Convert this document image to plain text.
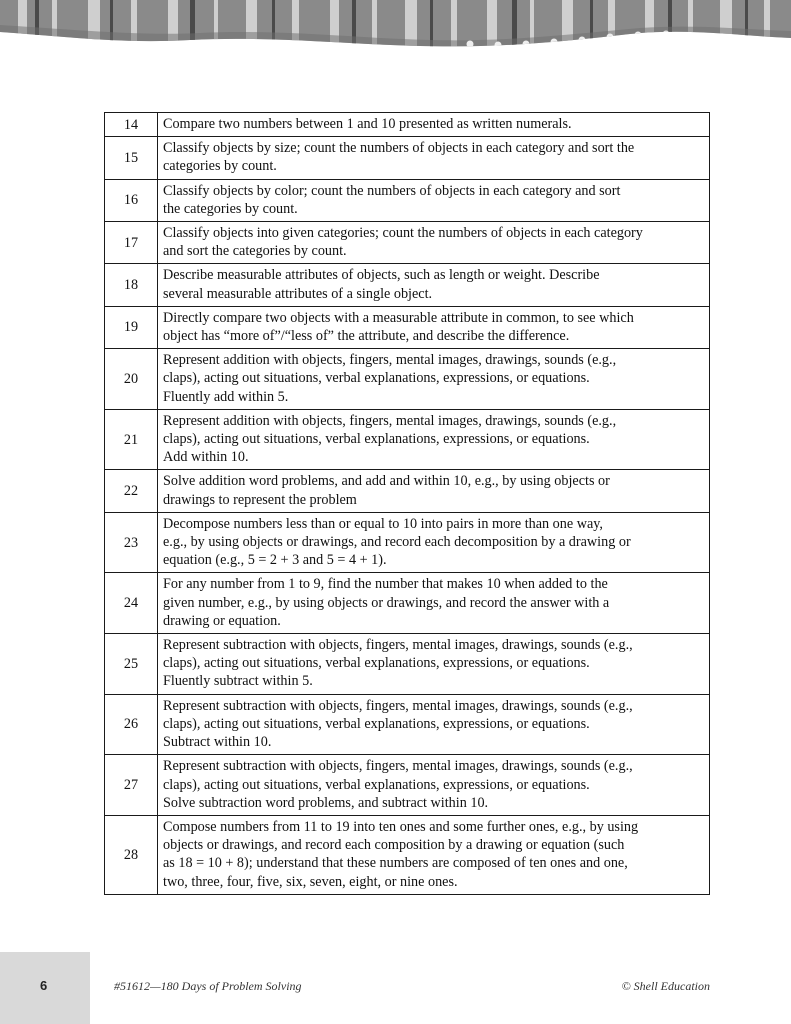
14	Compare two numbers between 1 and 10 presented as written numerals.

15	Classify objects by size; count the numbers of objects in each category and sort the
categories by count.

16	Classify objects by color; count the numbers of objects in each category and sort
the categories by count.

17	Classify objects into given categories; count the numbers of objects in each category
and sort the categories by count.

18	Describe measurable attributes of objects, such as length or weight. Describe
several measurable attributes of a single object.

19	Directly compare two objects with a measurable attribute in common, to see which
object has “more of”/“less of” the attribute, and describe the difference.

20	Represent addition with objects, fingers, mental images, drawings, sounds (e.g.,
claps), acting out situations, verbal explanations, expressions, or equations.
Fluently add within 5.

21	Represent addition with objects, fingers, mental images, drawings, sounds (e.g.,
claps), acting out situations, verbal explanations, expressions, or equations.
Add within 10.

22	Solve addition word problems, and add and within 10, e.g., by using objects or
drawings to represent the problem

23	Decompose numbers less than or equal to 10 into pairs in more than one way,
e.g., by using objects or drawings, and record each decomposition by a drawing or
equation (e.g., 5 = 2 + 3 and 5 = 4 + 1).

24	For any number from 1 to 9, find the number that makes 10 when added to the
given number, e.g., by using objects or drawings, and record the answer with a
drawing or equation.

25	Represent subtraction with objects, fingers, mental images, drawings, sounds (e.g.,
claps), acting out situations, verbal explanations, expressions, or equations.
Fluently subtract within 5.

26	Represent subtraction with objects, fingers, mental images, drawings, sounds (e.g.,
claps), acting out situations, verbal explanations, expressions, or equations.
Subtract within 10.

27	Represent subtraction with objects, fingers, mental images, drawings, sounds (e.g.,
claps), acting out situations, verbal explanations, expressions, or equations.
Solve subtraction word problems, and subtract within 10.

28	Compose numbers from 11 to 19 into ten ones and some further ones, e.g., by using
objects or drawings, and record each composition by a drawing or equation (such
as 18 = 10 + 8); understand that these numbers are composed of ten ones and one,
two, three, four, five, six, seven, eight, or nine ones.
6	#51612—180 Days of Problem Solving	© Shell Education
